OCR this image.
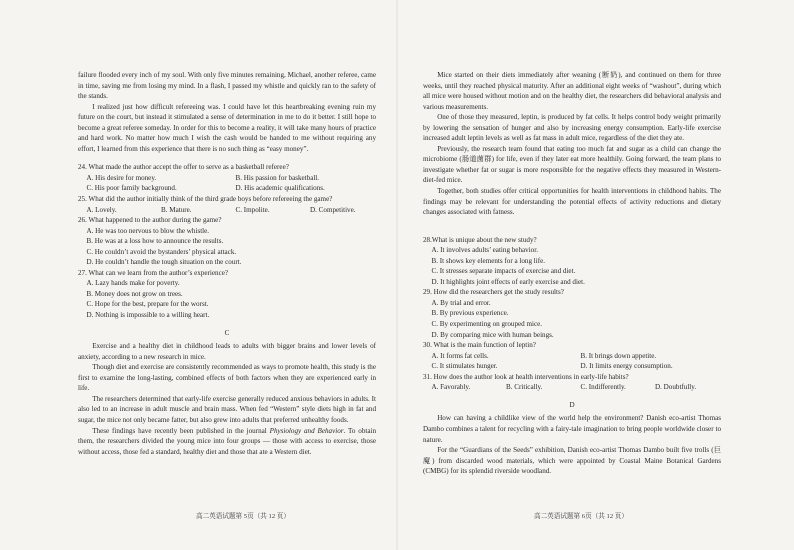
failure flooded every inch of my soul. With only five minutes remaining, Michael, another referee, came in time, saving me from losing my mind. In a flash, I passed my whistle and quickly ran to the safety of the stands.

I realized just how difficult refereeing was. I could have let this heartbreaking evening ruin my future on the court, but instead it stimulated a sense of determination in me to do it better. I still hope to become a great referee someday. In order for this to become a reality, it will take many hours of practice and hard work. No matter how much I wish the cash would be handed to me without requiring any effort, I learned from this experience that there is no such thing as “easy money”.

24. What made the author accept the offer to serve as a basketball referee?

A. His desire for money.	B. His passion for basketball.
C. His poor family background.	D. His academic qualifications.

25. What did the author initially think of the third grade boys before refereeing the game?

A. Lovely.	B. Mature.	C. Impolite.	D. Competitive.

26. What happened to the author during the game?

A. He was too nervous to blow the whistle.
B. He was at a loss how to announce the results.
C. He couldn’t avoid the bystanders’ physical attack.
D. He couldn’t handle the tough situation on the court.

27. What can we learn from the author’s experience?

A. Lazy hands make for poverty.
B. Money does not grow on trees.
C. Hope for the best, prepare for the worst.
D. Nothing is impossible to a willing heart.
C

Exercise and a healthy diet in childhood leads to adults with bigger brains and lower levels of anxiety, according to a new research in mice.

Though diet and exercise are consistently recommended as ways to promote health, this study is the first to examine the long-lasting, combined effects of both factors when they are experienced early in life.

The researchers determined that early-life exercise generally reduced anxious behaviors in adults. It also led to an increase in adult muscle and brain mass. When fed “Western” style diets high in fat and sugar, the mice not only became fatter, but also grew into adults that preferred unhealthy foods.

These findings have recently been published in the journal Physiology and Behavior. To obtain them, the researchers divided the young mice into four groups — those with access to exercise, those without access, those fed a standard, healthy diet and those that ate a Western diet.

高二英语试题第 5页（共 12 页）

Mice started on their diets immediately after weaning (断奶), and continued on them for three weeks, until they reached physical maturity. After an additional eight weeks of “washout”, during which all mice were housed without motion and on the healthy diet, the researchers did behavioral analysis and various measurements.

One of those they measured, leptin, is produced by fat cells. It helps control body weight primarily by lowering the sensation of hunger and also by increasing energy consumption. Early-life exercise increased adult leptin levels as well as fat mass in adult mice, regardless of the diet they ate.

Previously, the research team found that eating too much fat and sugar as a child can change the microbiome (肠道菌群) for life, even if they later eat more healthily. Going forward, the team plans to investigate whether fat or sugar is more responsible for the negative effects they measured in Western-diet-fed mice.

Together, both studies offer critical opportunities for health interventions in childhood habits. The findings may be relevant for understanding the potential effects of activity reductions and dietary changes associated with fatness.

28.What is unique about the new study?

A. It involves adults’ eating behavior.
B. It shows key elements for a long life.
C. It stresses separate impacts of exercise and diet.
D. It highlights joint effects of early exercise and diet.

29. How did the researchers get the study results?

A. By trial and error.
B. By previous experience.
C. By experimenting on grouped mice.
D. By comparing mice with human beings.

30. What is the main function of leptin?

A. It forms fat cells.	B. It brings down appetite.
C. It stimulates hunger.	D. It limits energy consumption.

31. How does the author look at health interventions in early-life habits?

A. Favorably.	B. Critically.	C. Indifferently.	D. Doubtfully.
D

How can having a childlike view of the world help the environment? Danish eco-artist Thomas Dambo combines a talent for recycling with a fairy-tale imagination to bring people worldwide closer to nature.

For the “Guardians of the Seeds” exhibition, Danish eco-artist Thomas Dambo built five trolls (巨魔) from discarded wood materials, which were appointed by Coastal Maine Botanical Gardens (CMBG) for its splendid riverside woodland.

高二英语试题第 6页（共 12 页）
